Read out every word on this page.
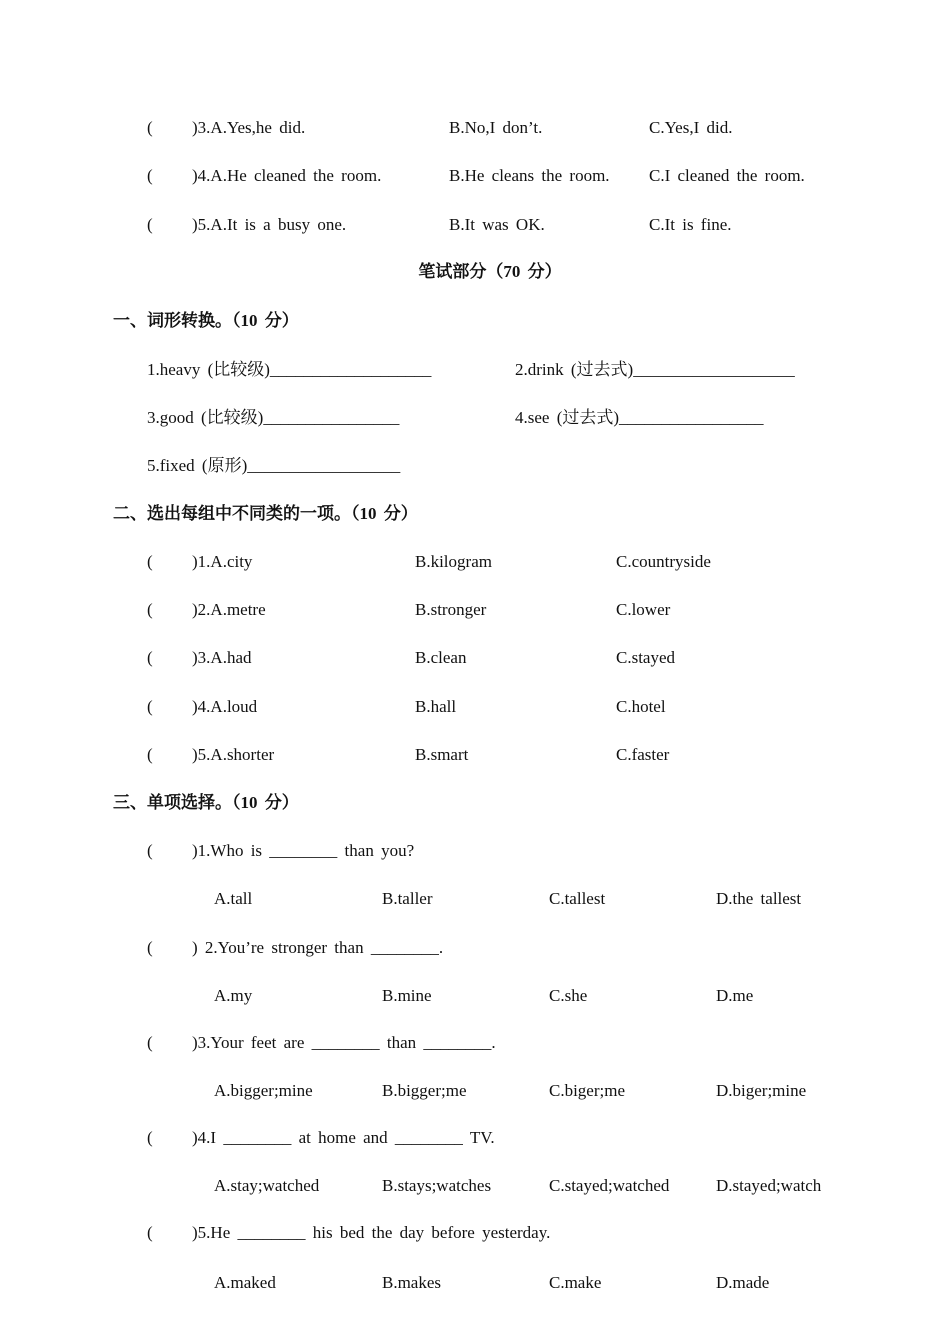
( )3.A.Yes,he did.	B.No,I don’t.	C.Yes,I did.
( )4.A.He cleaned the room.	B.He cleans the room. C.I cleaned the room.
( )5.A.It is a busy one.	B.It was OK.	C.It is fine.
笔试部分（70 分）
一、词形转换。（10 分）
1.heavy (比较级)___________________	2.drink (过去式)___________________
3.good (比较级)________________	4.see (过去式)_________________
5.fixed (原形)__________________
二、选出每组中不同类的一项。（10 分）
( )1.A.city	B.kilogram	C.countryside
( )2.A.metre	B.stronger	C.lower
( )3.A.had	B.clean	C.stayed
( )4.A.loud	B.hall	C.hotel
( )5.A.shorter	B.smart	C.faster
三、单项选择。（10 分）
( )1.Who is ________ than you?
A.tall	B.taller	C.tallest	D.the tallest
( ) 2.You’re stronger than ________.
A.my	B.mine	C.she	D.me
( )3.Your feet are ________ than ________.
A.bigger;mine	B.bigger;me	C.biger;me	D.biger;mine
( )4.I ________ at home and ________ TV.
A.stay;watched	B.stays;watches	C.stayed;watched	D.stayed;watch
( )5.He ________ his bed the day before yesterday.
A.maked	B.makes	C.make	D.made
